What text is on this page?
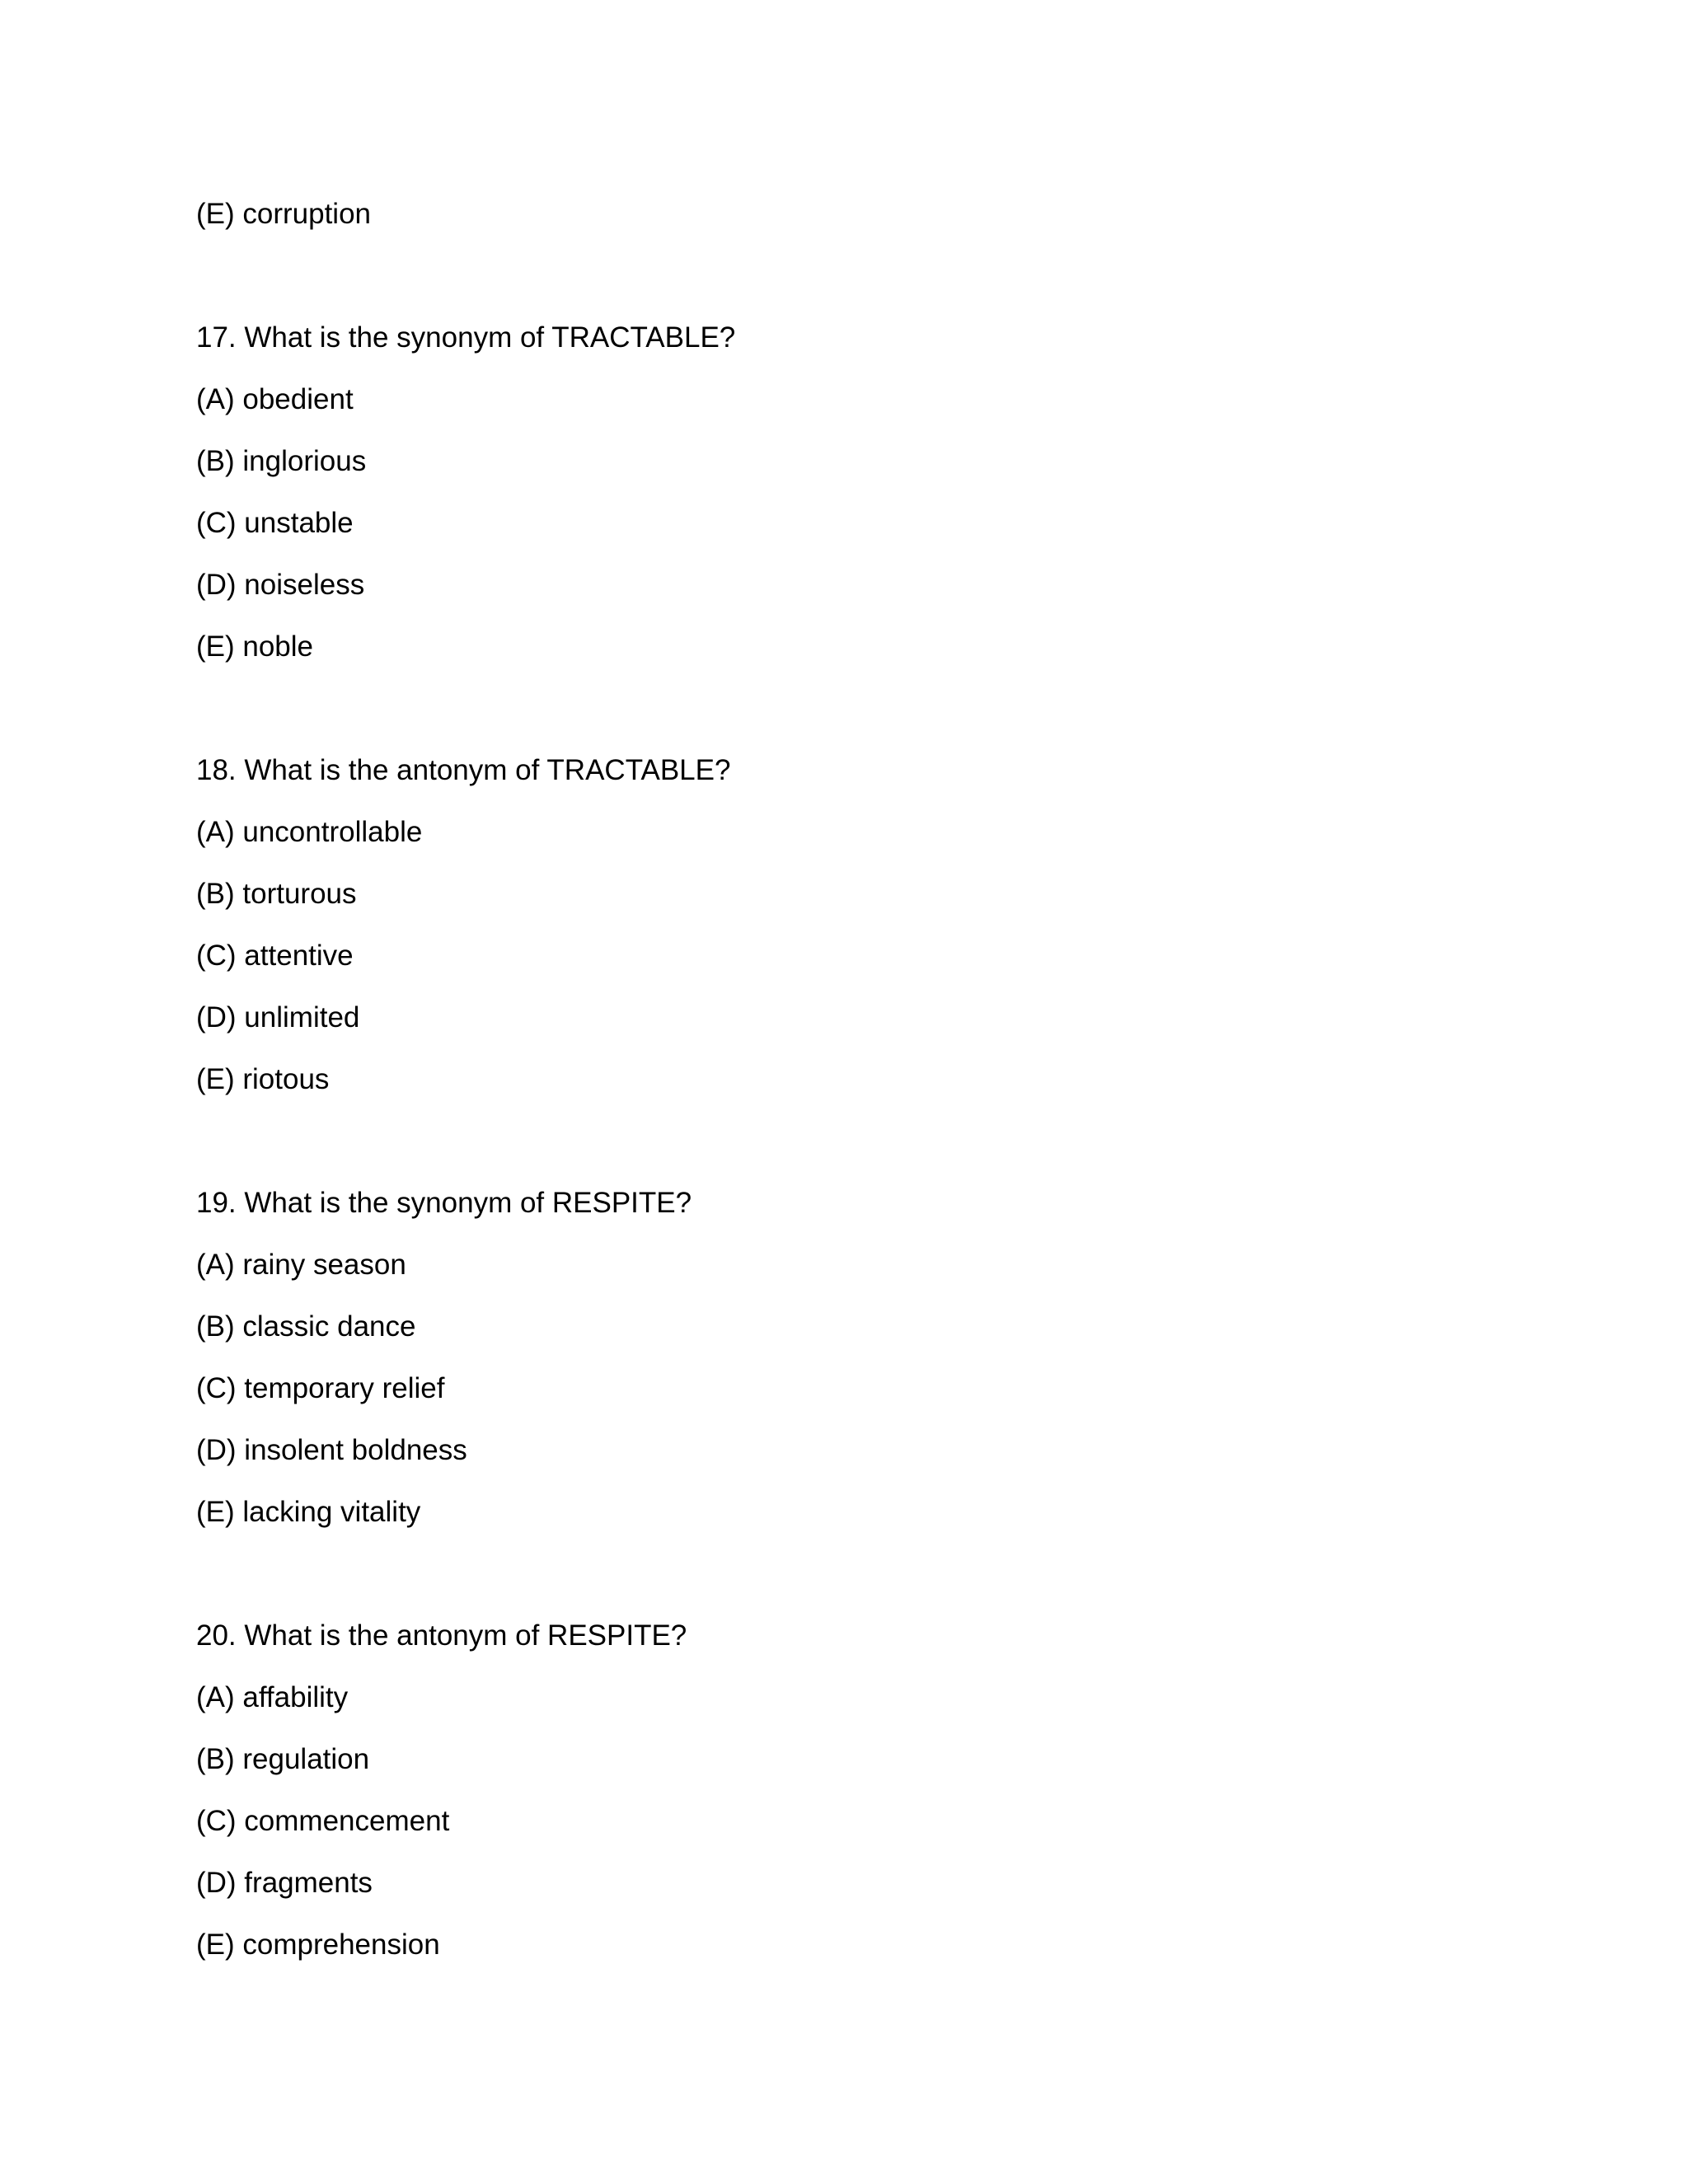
(E) corruption
17. What is the synonym of TRACTABLE?
(A) obedient
(B) inglorious
(C) unstable
(D) noiseless
(E) noble
18. What is the antonym of TRACTABLE?
(A) uncontrollable
(B) torturous
(C) attentive
(D) unlimited
(E) riotous
19. What is the synonym of RESPITE?
(A) rainy season
(B) classic dance
(C) temporary relief
(D) insolent boldness
(E) lacking vitality
20. What is the antonym of RESPITE?
(A) affability
(B) regulation
(C) commencement
(D) fragments
(E) comprehension
